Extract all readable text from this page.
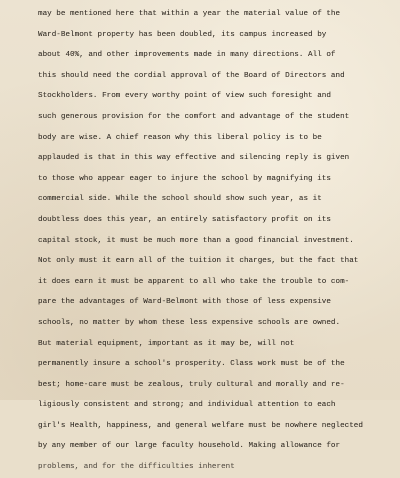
may be mentioned here that within a year the material value of the
Ward-Belmont property has been doubled, its campus increased by
about 40%, and other improvements made in many directions. All of
this should need the cordial approval of the Board of Directors and
Stockholders. From every worthy point of view such foresight and
such generous provision for the comfort and advantage of the student
body are wise. A chief reason why this liberal policy is to be
applauded is that in this way effective and silencing reply is given
to those who appear eager to injure the school by magnifying its
commercial side. While the school should show such year, as it
doubtless does this year, an entirely satisfactory profit on its
capital stock, it must be much more than a good financial investment.
Not only must it earn all of the tuition it charges, but the fact that
it does earn it must be apparent to all who take the trouble to com-
pare the advantages of Ward-Belmont with those of less expensive
schools, no matter by whom these less expensive schools are owned.
But material equipment, important as it may be, will not
permanently insure a school's prosperity. Class work must be of the
best; home-care must be zealous, truly cultural and morally and re-
ligiously consistent and strong; and individual attention to each
girl's Health, happiness, and general welfare must be nowhere neglected
by any member of our large faculty household. Making allowance for
problems, and for the difficulties inherent
